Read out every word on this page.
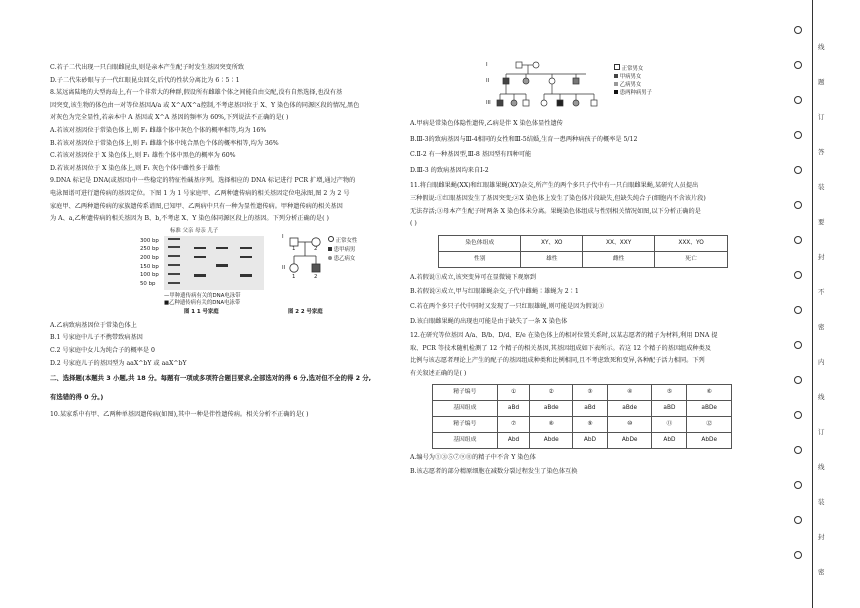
C.若子二代出现一只白眼雌昆虫,则是亲本产生配子时发生基因突变所致

D.子二代朱砂眼与子一代红眼昆虫回交,后代的性状分离比为 6∶5∶1

8.某远离陆地的大型海岛上,有一个非常大的种群,假设所有雌雄个体之间能自由交配,没有自然选择,也没有基

因突变,该生物的体色由一对等位基因A/a 或 X^A/X^a控制,不考虑基因位于 X、Y 染色体的同源区段的情况,黑色

对灰色为完全显性,若亲本中 A 基因或 X^A 基因的频率为 60%,下列说法不正确的是( )

A.若该对基因位于常染色体上,则 F₁ 雌雄个体中灰色个体的概率相等,均为 16%

B.若该对基因位于常染色体上,则 F₁ 雌雄个体中纯合黑色个体的概率相等,均为 36%

C.若该对基因位于 X 染色体上,则 F₁ 雄性个体中黑色的概率为 60%

D.若该对基因位于 X 染色体上,则 F₁ 灰色个体中雌性多于雄性

9.DNA 标记是 DNA(或基因)中一些稳定的特征性碱基序列。选择相应的 DNA 标记进行 PCR 扩增,通过产物的

电泳图谱可进行遗传病的基因定位。下图 1 为 1 号家庭甲、乙两种遗传病的相关基因定位电泳图,图 2 为 2 号

家庭甲、乙两种遗传病的家族遗传系谱图,已知甲、乙两病中只有一种为显性遗传病。甲种遗传病的相关基因

为 A、a,乙种遗传病的相关基因为 B、b,不考虑 X、Y 染色体同源区段上的基因。下列分析正确的是( )

标准 父亲 母亲 儿子
300 bp
250 bp
200 bp
150 bp
100 bp
50 bp
—甲种遗传病有关的DNA电泳带
■乙种遗传病有关的DNA电泳带
图 1 1 号家庭
I
II
1	2
1	2
正常女性
患甲病男
患乙病女
图 2 2 号家庭

A.乙病致病基因位于常染色体上

B.1 号家庭中儿子不携带致病基因

C.2 号家庭中女儿为纯合子的概率是 0

D.2 号家庭儿子的基因型为 aaX^bY 或 aaX^bY

二、选择题(本题共 3 小题,共 18 分。每题有一项或多项符合题目要求,全部选对的得 6 分,选对但不全的得 2 分,

有选错的得 0 分。)

10.某家系中有甲、乙两种单基因遗传病(如图),其中一种是伴性遗传病。相关分析不正确的是( )

I
II
III
正常男女
甲病男女
乙病男女
患两种病男子

A.甲病是常染色体隐性遗传,乙病是伴 X 染色体显性遗传

B.Ⅲ-3的致病基因与Ⅲ-4相同的女性和Ⅲ-5结婚,生育一患两种病孩子的概率是 5/12

C.Ⅱ-2 有一种基因型,Ⅲ-8 基因型有四种可能

D.Ⅲ-3 的致病基因均来自Ⅰ-2

11.将白眼雌果蝇(XX)和红眼雄果蝇(XY)杂交,所产生的两个多只子代中有一只白眼雌果蝇,某研究人员提出

三种假说:①红眼基因发生了基因突变;②X 染色体上发生了染色体片段缺失,但缺失纯合子(细胞内不含该片段)

无法存活;③母本产生配子时两条 X 染色体未分离。果蝇染色体组成与性别相关情况如图,以下分析正确的是

( )

染色体组成	XY、XO	XX、XXY	XXX、YO
性别	雄性	雌性	死亡

A.若假说①成立,该突变异可在显微镜下观察到

B.若假说②成立,甲与红眼雄蝇杂交,子代中雌蝇∶雄蝇为 2∶1

C.若在两个多只子代中同时又发现了一只红眼雄蝇,则可能是因为假说③

D.该白眼雌果蝇的出现也可能是由于缺失了一条 X 染色体

12.在研究等位基因 A/a、B/b、D/d、E/e 在染色体上的相对位置关系时,以某志愿者的精子为材料,利用 DNA 提

取、PCR 等技术随机检测了 12 个精子的相关基因,其基因组成如下表所示。若这 12 个精子的基因组成种类及

比例与该志愿者理论上产生的配子的基因组成种类和比例相同,且不考虑致死和变异,各种配子活力相同。下列

有关叙述正确的是( )

精子编号	①	②	③	④	⑤	⑥
基因组成	aBd	aBde	aBd	aBde	aBD	aBDe
精子编号	⑦	⑧	⑨	⑩	⑪	⑫
基因组成	Abd	Abde	AbD	AbDe	AbD	AbDe

A.编号为①③⑤⑦⑨⑪的精子中不含 Y 染色体

B.该志愿者的部分精原细胞在减数分裂过程发生了染色体互换

线
题
订
答
装
要
封
不
密
内
线
订
线
装
封
密
